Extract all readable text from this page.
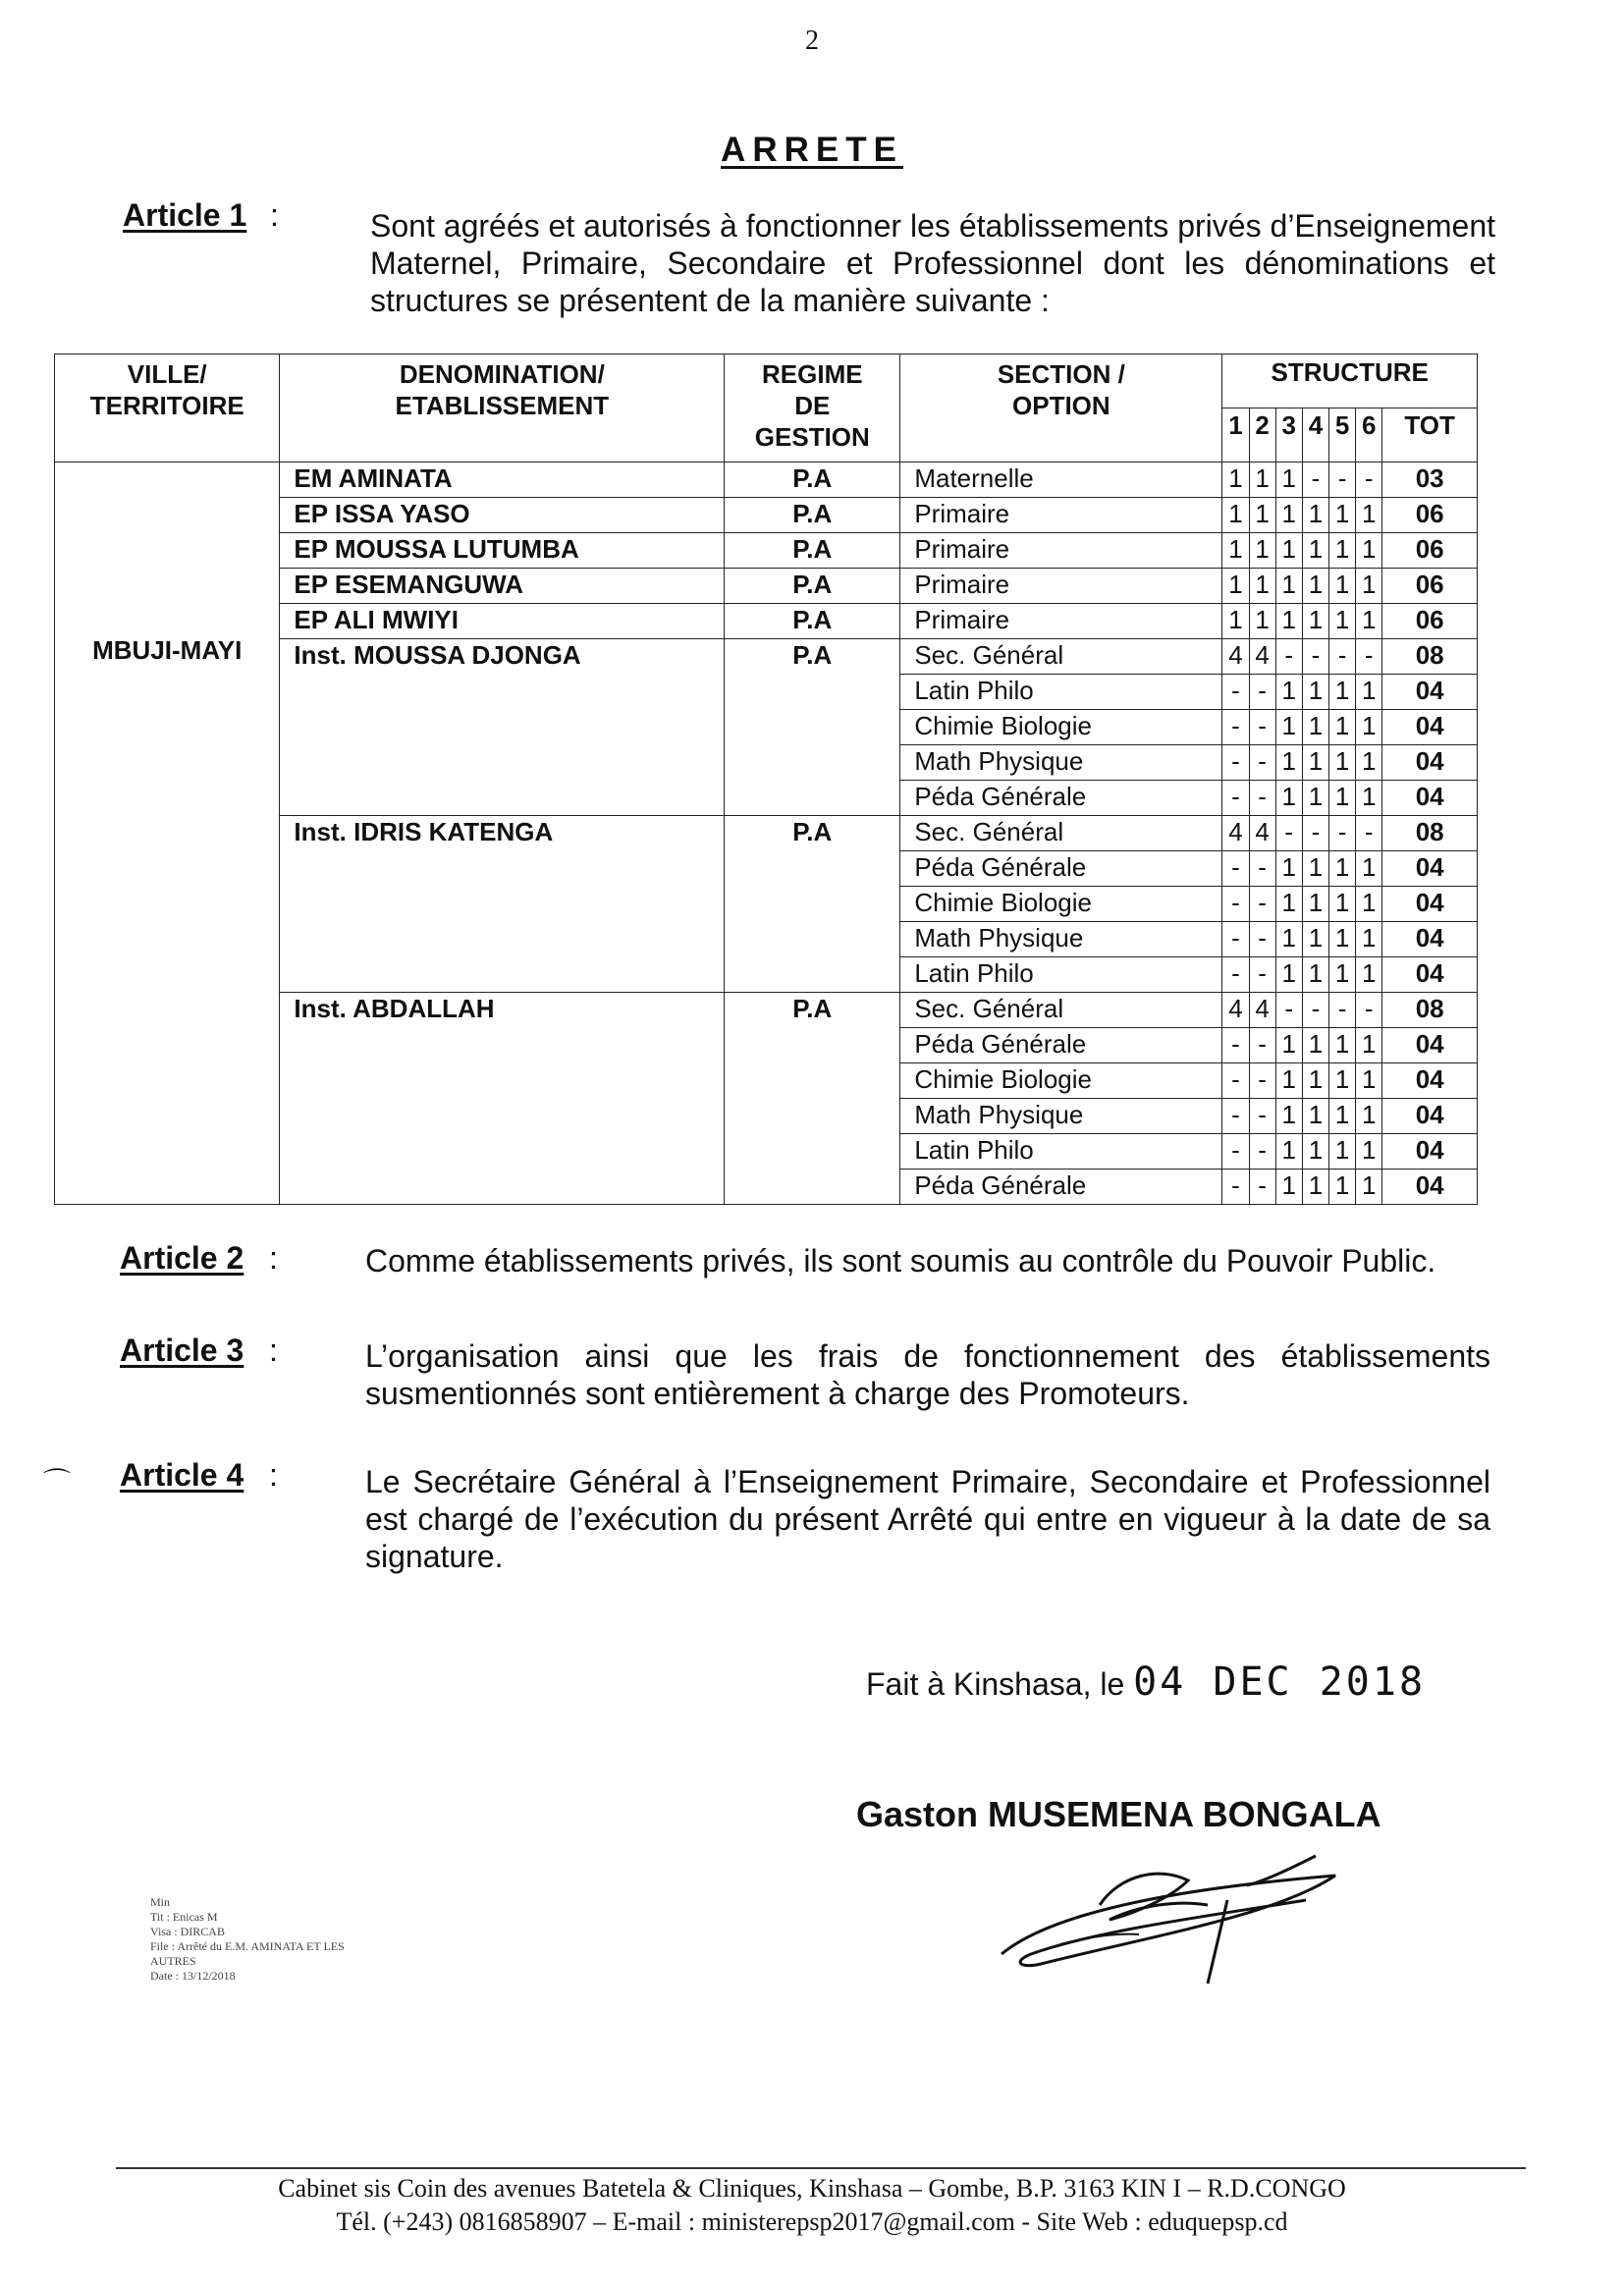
2
ARRETE
Article 1 :	Sont agréés et autorisés à fonctionner les établissements privés d’Enseignement Maternel, Primaire, Secondaire et Professionnel dont les dénominations et structures se présentent de la manière suivante :
VILLE/ TERRITOIRE	DENOMINATION/ ETABLISSEMENT	REGIME DE GESTION	SECTION / OPTION	STRUCTURE						
				1	2	3	4	5	6	TOT
MBUJI-MAYI	EM AMINATA	P.A	Maternelle	1	1	1	-	-	-	03
	EP ISSA YASO	P.A	Primaire	1	1	1	1	1	1	06
	EP MOUSSA LUTUMBA	P.A	Primaire	1	1	1	1	1	1	06
	EP ESEMANGUWA	P.A	Primaire	1	1	1	1	1	1	06
	EP ALI MWIYI	P.A	Primaire	1	1	1	1	1	1	06
	Inst. MOUSSA DJONGA	P.A	Sec. Général	4	4	-	-	-	-	08
			Latin Philo	-	-	1	1	1	1	04
			Chimie Biologie	-	-	1	1	1	1	04
			Math Physique	-	-	1	1	1	1	04
			Péda Générale	-	-	1	1	1	1	04
	Inst. IDRIS KATENGA	P.A	Sec. Général	4	4	-	-	-	-	08
			Péda Générale	-	-	1	1	1	1	04
			Chimie Biologie	-	-	1	1	1	1	04
			Math Physique	-	-	1	1	1	1	04
			Latin Philo	-	-	1	1	1	1	04
	Inst. ABDALLAH	P.A	Sec. Général	4	4	-	-	-	-	08
			Péda Générale	-	-	1	1	1	1	04
			Chimie Biologie	-	-	1	1	1	1	04
			Math Physique	-	-	1	1	1	1	04
			Latin Philo	-	-	1	1	1	1	04
			Péda Générale	-	-	1	1	1	1	04
Article 2 :	Comme établissements privés, ils sont soumis au contrôle du Pouvoir Public.
Article 3 :	L’organisation ainsi que les frais de fonctionnement des établissements susmentionnés sont entièrement à charge des Promoteurs.
⌒ Article 4 :	Le Secrétaire Général à l’Enseignement Primaire, Secondaire et Professionnel est chargé de l’exécution du présent Arrêté qui entre en vigueur à la date de sa signature.
Fait à Kinshasa, le 04 DEC 2018
Gaston MUSEMENA BONGALA
Min
Tit : Enicas M
Visa : DIRCAB
File : Arrêté du E.M. AMINATA ET LES
AUTRES
Date : 13/12/2018
Cabinet sis Coin des avenues Batetela & Cliniques, Kinshasa – Gombe, B.P. 3163 KIN I – R.D.CONGO
Tél. (+243) 0816858907 – E-mail : ministerepsp2017@gmail.com - Site Web : eduquepsp.cd
